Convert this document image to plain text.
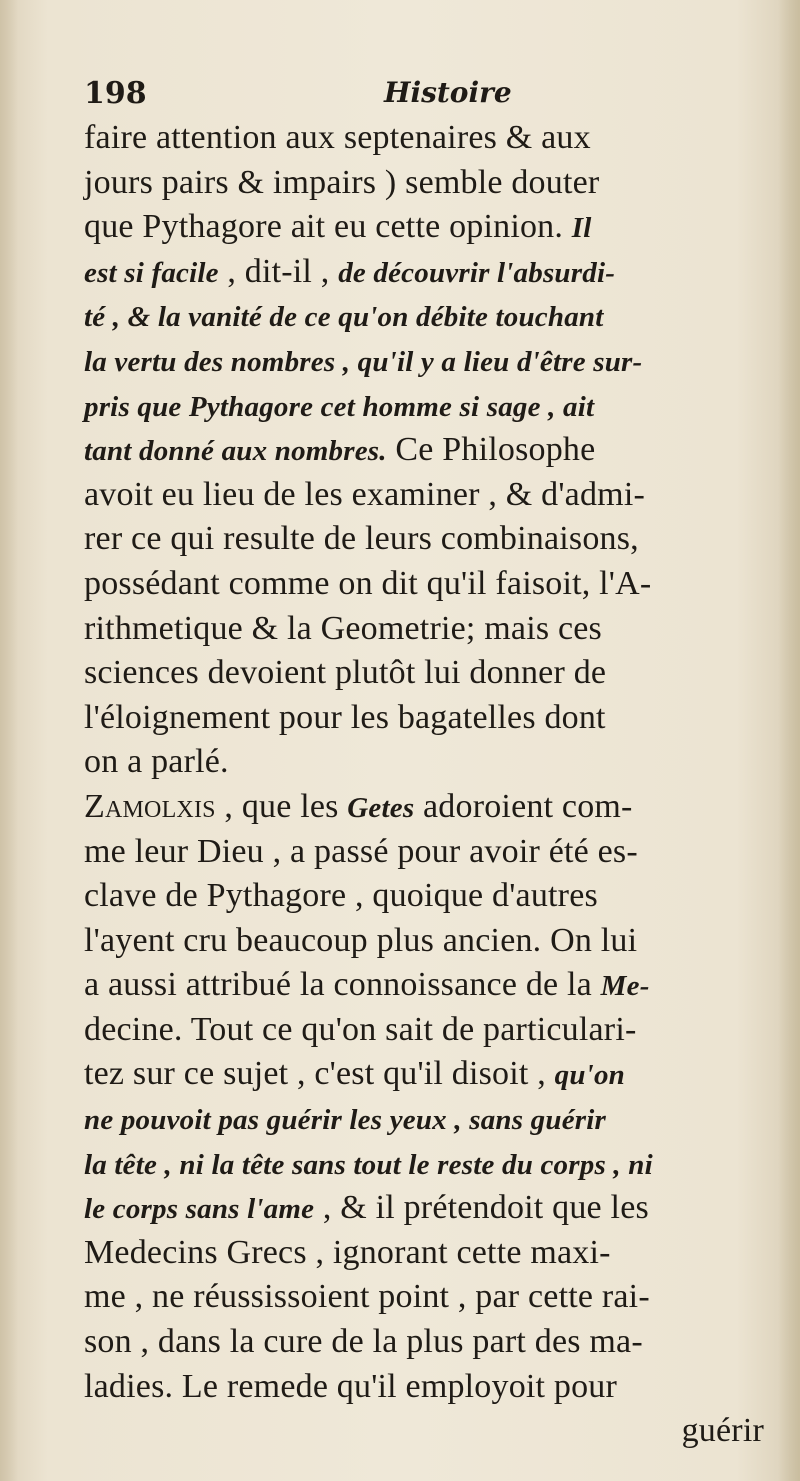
198	Histoire
faire attention aux septenaires & aux
jours pairs & impairs ) semble douter
que Pythagore ait eu cette opinion. Il
est si facile , dit-il , de découvrir l'absurdi-
té , & la vanité de ce qu'on débite touchant
la vertu des nombres , qu'il y a lieu d'être sur-
pris que Pythagore cet homme si sage , ait
tant donné aux nombres. Ce Philosophe
avoit eu lieu de les examiner , & d'admi-
rer ce qui resulte de leurs combinaisons,
possédant comme on dit qu'il faisoit, l'A-
rithmetique & la Geometrie; mais ces
sciences devoient plutôt lui donner de
l'éloignement pour les bagatelles dont
on a parlé.
Zamolxis , que les Getes adoroient com-
me leur Dieu , a passé pour avoir été es-
clave de Pythagore , quoique d'autres
l'ayent cru beaucoup plus ancien. On lui
a aussi attribué la connoissance de la Me-
decine. Tout ce qu'on sait de particulari-
tez sur ce sujet , c'est qu'il disoit , qu'on
ne pouvoit pas guérir les yeux , sans guérir
la tête , ni la tête sans tout le reste du corps , ni
le corps sans l'ame , & il prétendoit que les
Medecins Grecs , ignorant cette maxi-
me , ne réussissoient point , par cette rai-
son , dans la cure de la plus part des ma-
ladies. Le remede qu'il employoit pour
guérir
